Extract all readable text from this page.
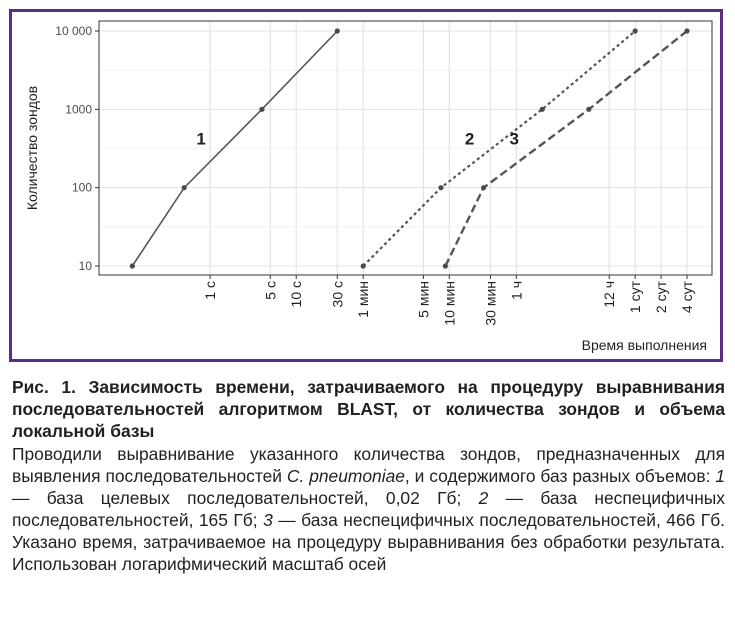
10
100
1000
10 000
1 с	5 с 10 с 30 с 1 мин	5 мин 10 мин 30 мин 1 ч	12 ч 1 сут 2 сут 4 сут
1	2 3
Количество зондов
Время выполнения

Рис. 1. Зависимость времени, затрачиваемого на процедуру выравнивания последовательностей алгоритмом BLAST, от количества зондов и объема локальной базы

Проводили выравнивание указанного количества зондов, предназначенных для выявления последовательностей C. pneumoniae, и содержимого баз разных объемов: 1 — база целевых последовательностей, 0,02 Гб; 2 — база неспецифичных последовательностей, 165 Гб; 3 — база неспецифичных последовательностей, 466 Гб. Указано время, затрачиваемое на процедуру выравнивания без обработки результата. Использован логарифмический масштаб осей
